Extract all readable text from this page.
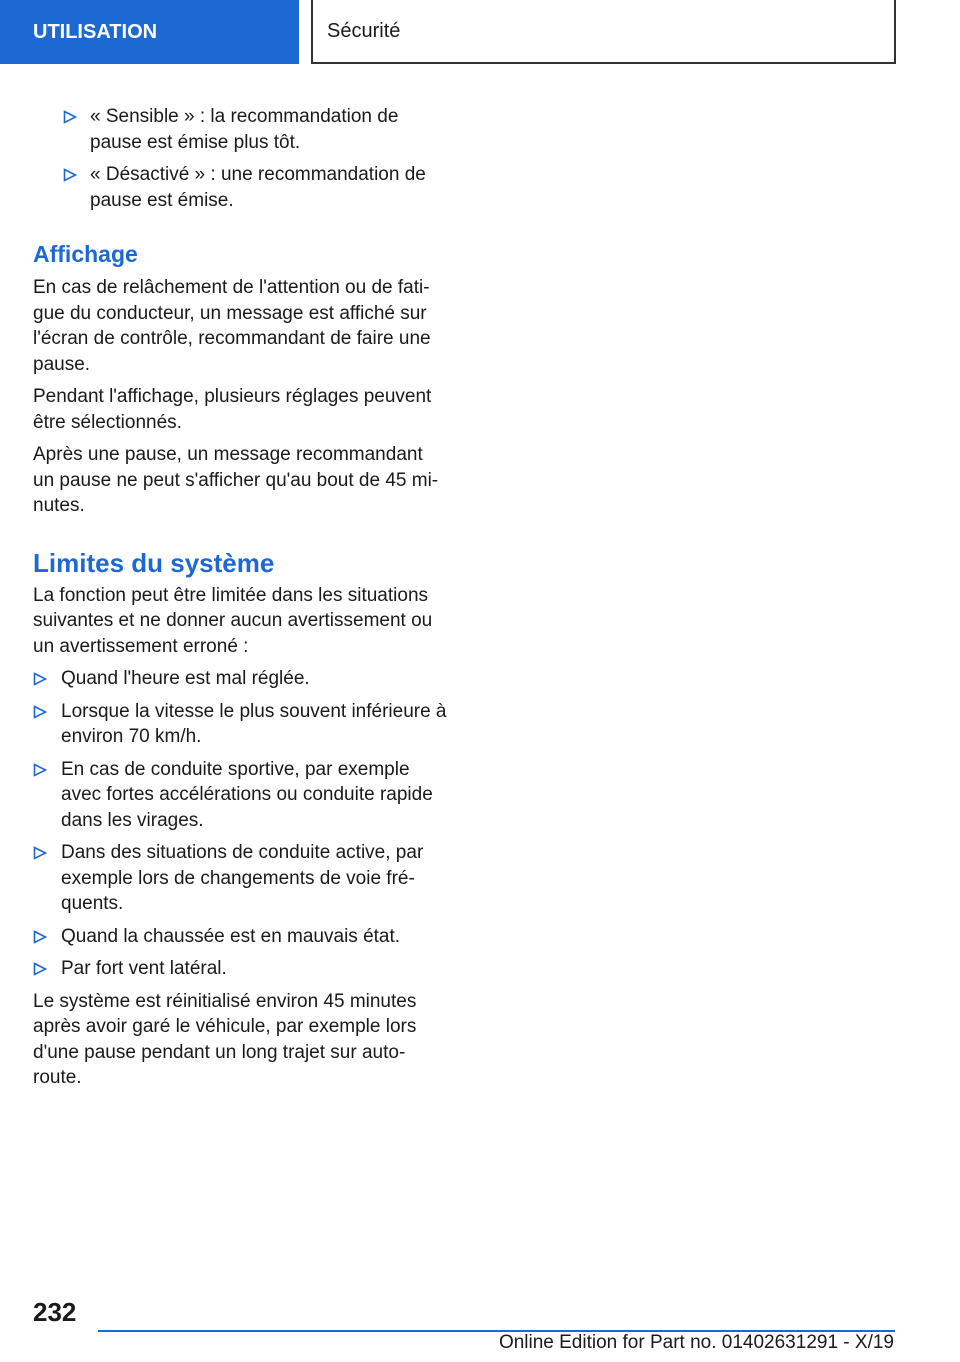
UTILISATION	Sécurité
« Sensible » : la recommandation de pause est émise plus tôt.
« Désactivé » : une recommandation de pause est émise.
Affichage

En cas de relâchement de l'attention ou de fati-gue du conducteur, un message est affiché sur l'écran de contrôle, recommandant de faire une pause.

Pendant l'affichage, plusieurs réglages peuvent être sélectionnés.

Après une pause, un message recommandant un pause ne peut s'afficher qu'au bout de 45 mi-nutes.

Limites du système

La fonction peut être limitée dans les situations suivantes et ne donner aucun avertissement ou un avertissement erroné :

Quand l'heure est mal réglée.
Lorsque la vitesse le plus souvent inférieure à environ 70 km/h.
En cas de conduite sportive, par exemple avec fortes accélérations ou conduite rapide dans les virages.
Dans des situations de conduite active, par exemple lors de changements de voie fré-quents.
Quand la chaussée est en mauvais état.
Par fort vent latéral.

Le système est réinitialisé environ 45 minutes après avoir garé le véhicule, par exemple lors d'une pause pendant un long trajet sur auto-route.

232
Online Edition for Part no. 01402631291 - X/19
